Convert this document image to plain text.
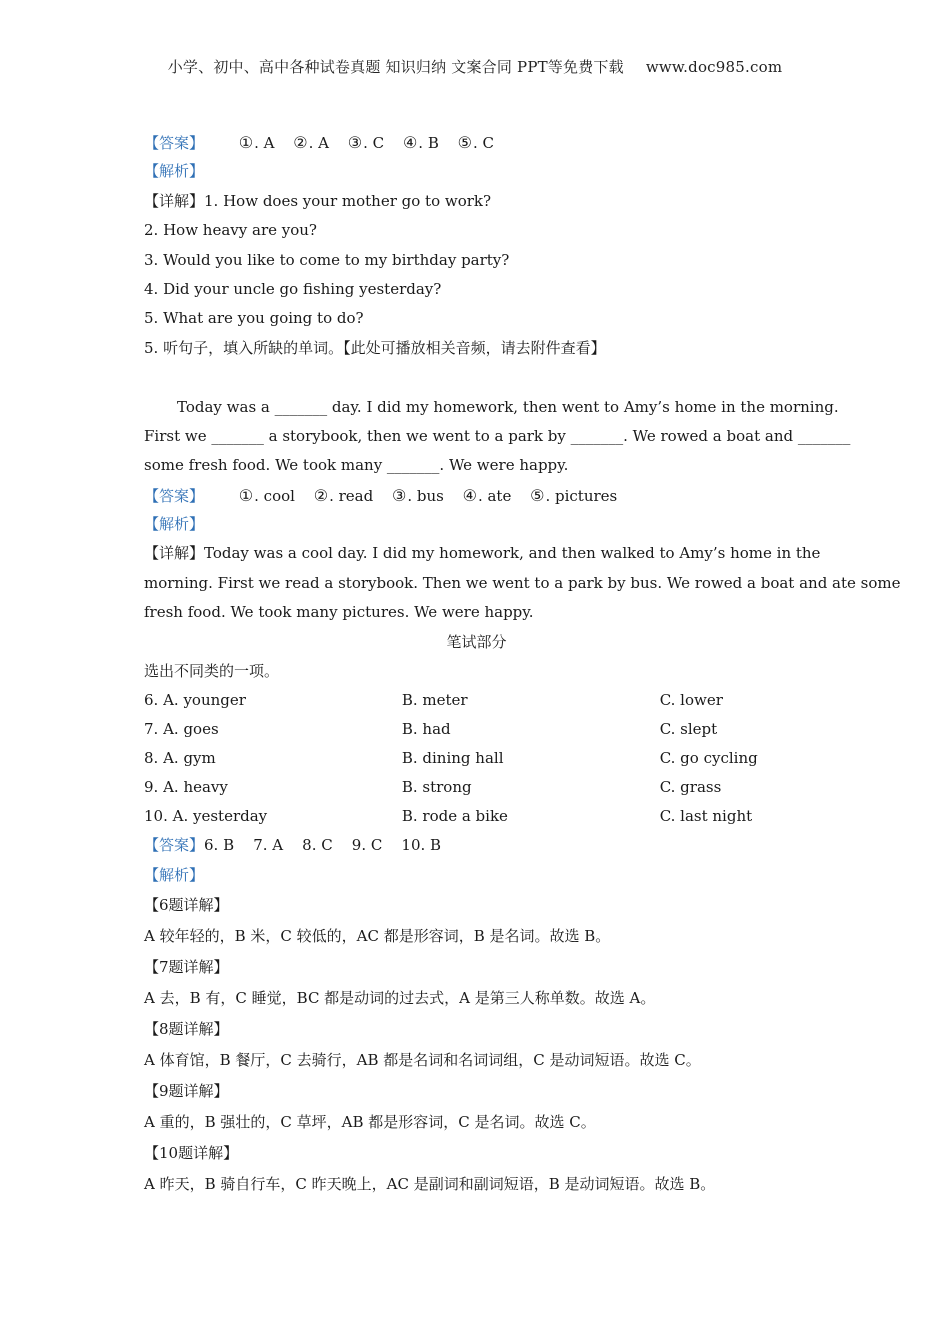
小学、初中、高中各种试卷真题 知识归纳 文案合同 PPT等免费下载 www.doc985.com
【答案】 ①. A ②. A ③. C ④. B ⑤. C
【解析】
【详解】1. How does your mother go to work?
2. How heavy are you?
3. Would you like to come to my birthday party?
4. Did your uncle go fishing yesterday?
5. What are you going to do?
5. 听句子，填入所缺的单词。【此处可播放相关音频，请去附件查看】
Today was a _______ day. I did my homework, then went to Amy’s home in the morning.
First we _______ a storybook, then we went to a park by _______. We rowed a boat and _______
some fresh food. We took many _______. We were happy.
【答案】 ①. cool ②. read ③. bus ④. ate ⑤. pictures
【解析】
【详解】Today was a cool day. I did my homework, and then walked to Amy’s home in the
morning. First we read a storybook. Then we went to a park by bus. We rowed a boat and ate some
fresh food. We took many pictures. We were happy.
笔试部分
选出不同类的一项。
6. A. younger	B. meter	C. lower
7. A. goes	B. had	C. slept
8. A. gym	B. dining hall	C. go cycling
9. A. heavy	B. strong	C. grass
10. A. yesterday	B. rode a bike	C. last night
【答案】6. B    7. A    8. C    9. C    10. B
【解析】
【6题详解】
A 较年轻的，B 米，C 较低的，AC 都是形容词，B 是名词。故选 B。
【7题详解】
A 去，B 有，C 睡觉，BC 都是动词的过去式，A 是第三人称单数。故选 A。
【8题详解】
A 体育馆，B 餐厅，C 去骑行，AB 都是名词和名词词组，C 是动词短语。故选 C。
【9题详解】
A 重的，B 强壮的，C 草坪，AB 都是形容词，C 是名词。故选 C。
【10题详解】
A 昨天，B 骑自行车，C 昨天晚上，AC 是副词和副词短语，B 是动词短语。故选 B。
